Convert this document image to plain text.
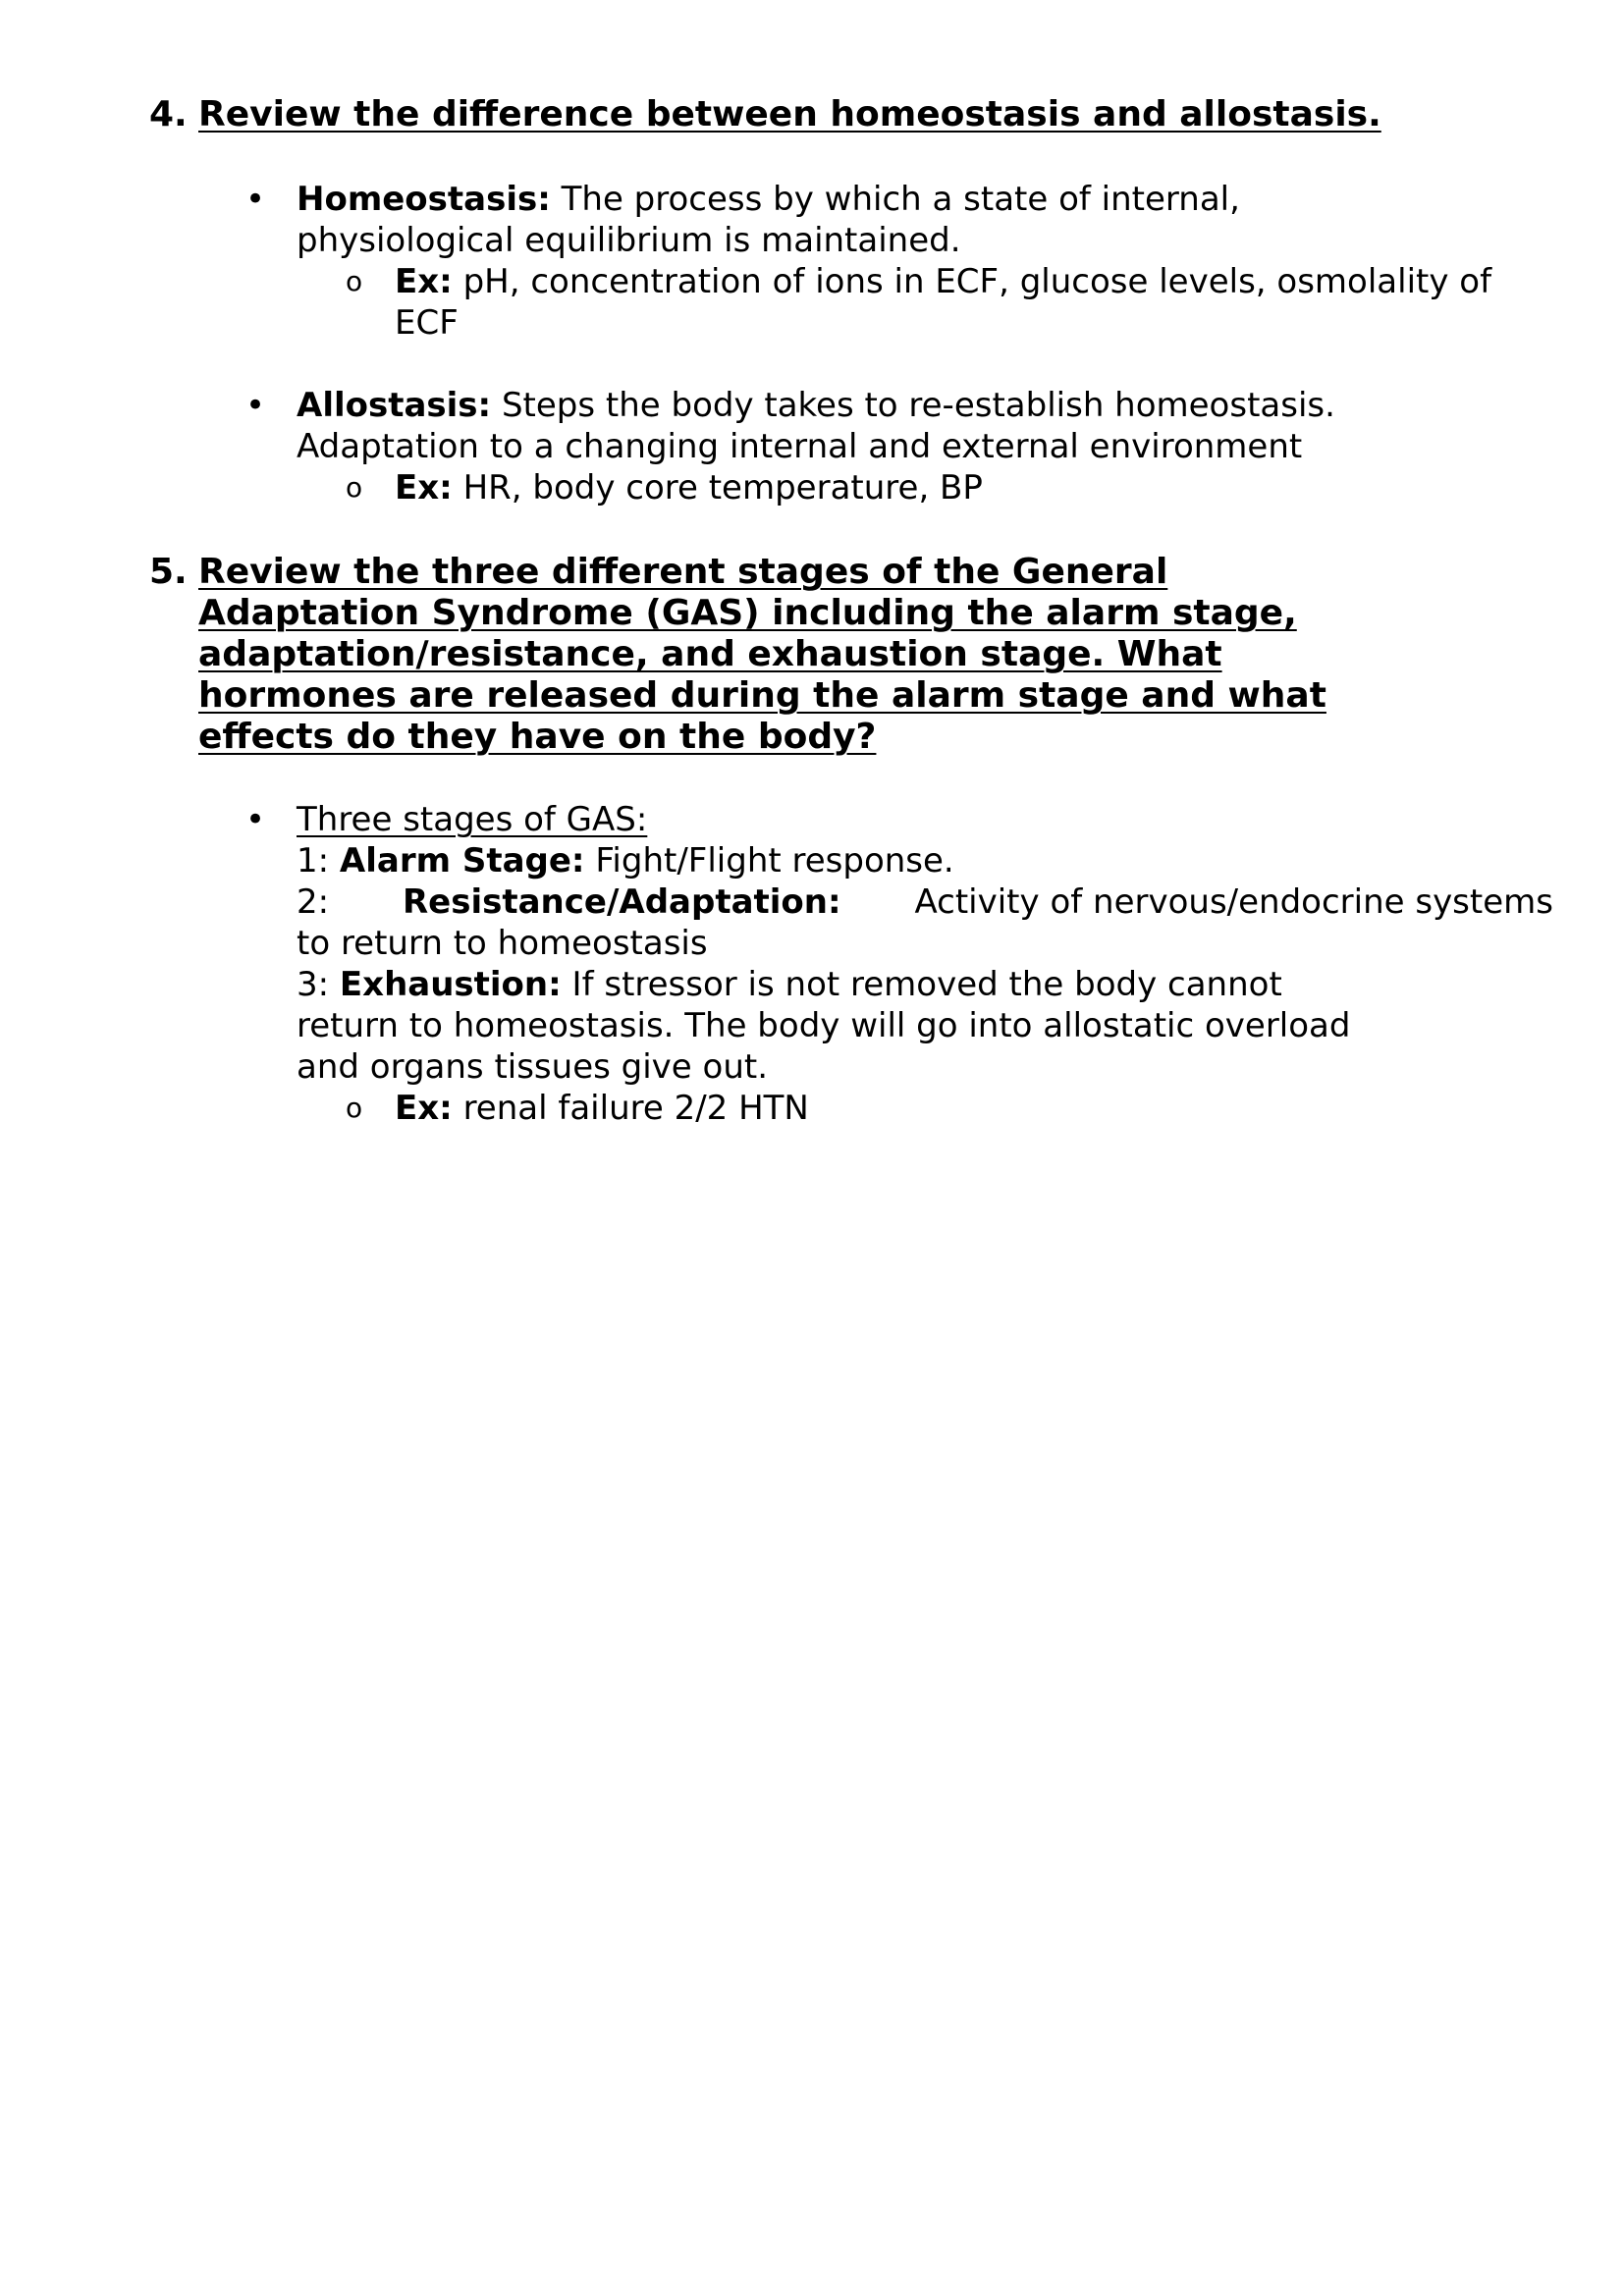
4. Review the difference between homeostasis and allostasis.
• Homeostasis: The process by which a state of internal,
physiological equilibrium is maintained.
o Ex: pH, concentration of ions in ECF, glucose levels, osmolality of
ECF
• Allostasis: Steps the body takes to re-establish homeostasis.
Adaptation to a changing internal and external environment
o Ex: HR, body core temperature, BP
5. Review the three different stages of the General
Adaptation Syndrome (GAS) including the alarm stage,
adaptation/resistance, and exhaustion stage. What
hormones are released during the alarm stage and what
effects do they have on the body?
• Three stages of GAS:
1: Alarm Stage: Fight/Flight response.
2: Resistance/Adaptation: Activity of nervous/endocrine systems
to return to homeostasis
3: Exhaustion: If stressor is not removed the body cannot
return to homeostasis. The body will go into allostatic overload
and organs tissues give out.
o Ex: renal failure 2/2 HTN
